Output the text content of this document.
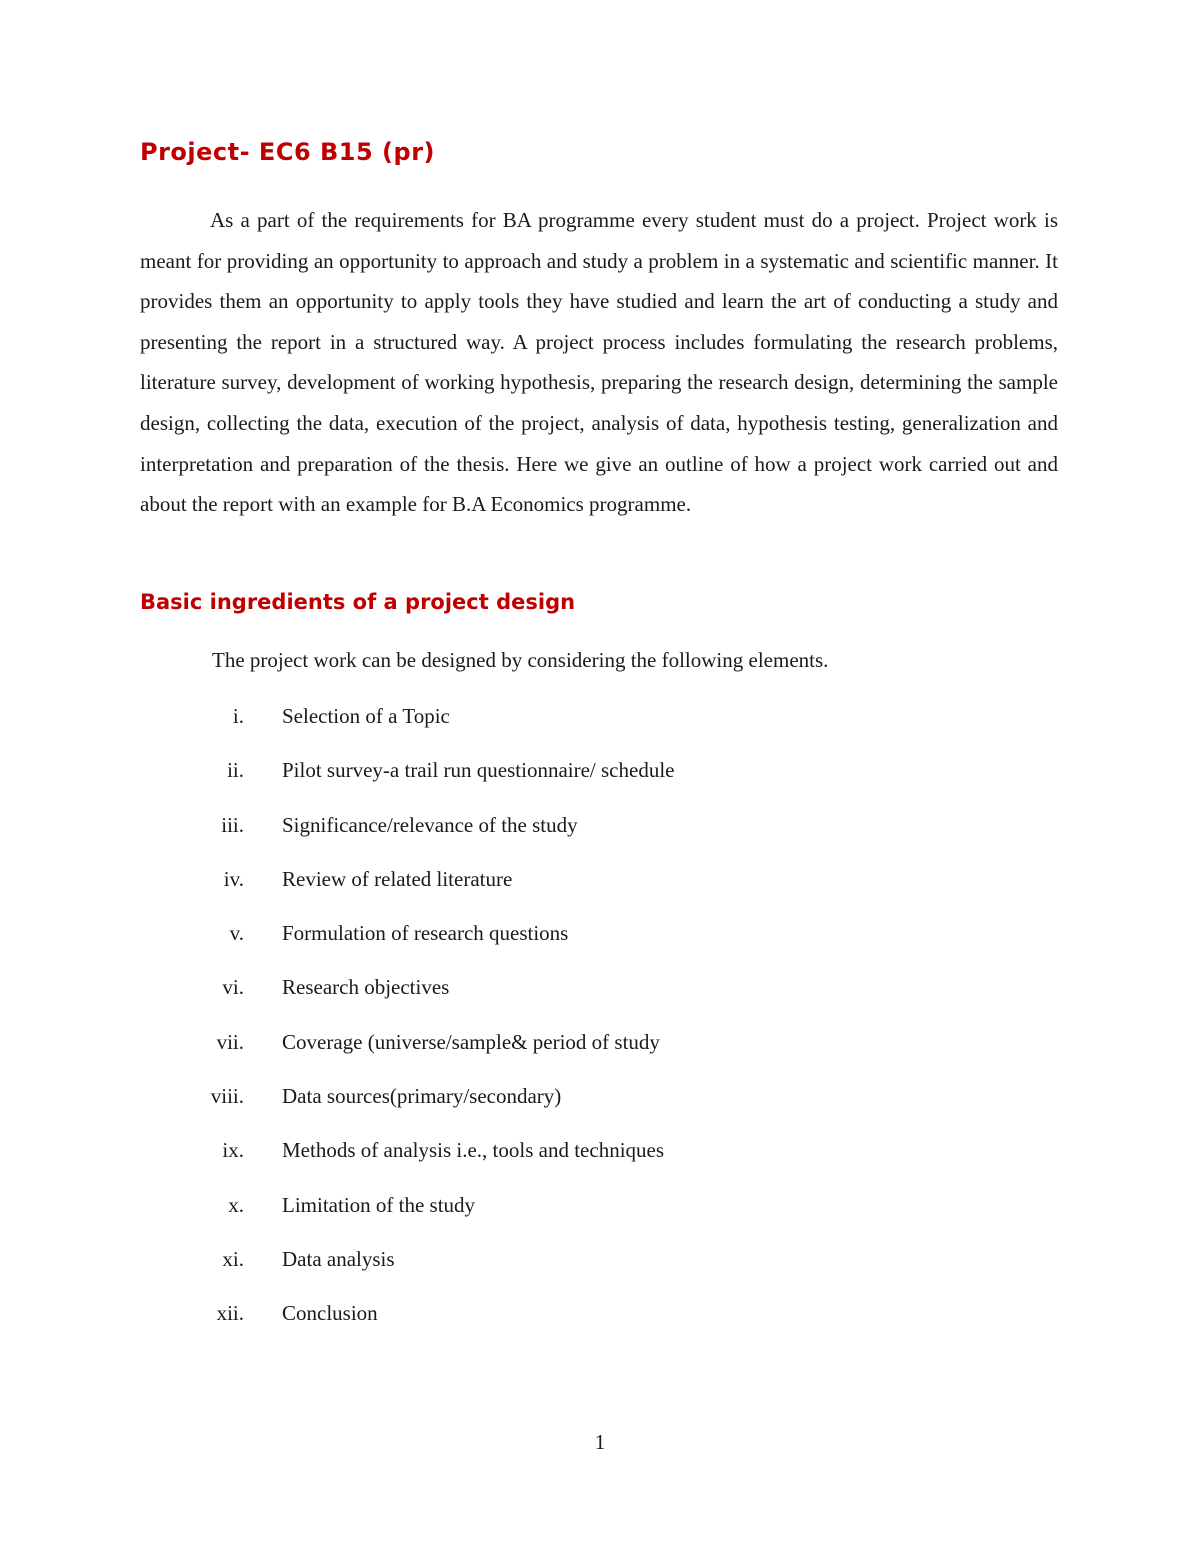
Project- EC6 B15 (pr)

As a part of the requirements for BA programme every student must do a project. Project work is meant for providing an opportunity to approach and study a problem in a systematic and scientific manner. It provides them an opportunity to apply tools they have studied and learn the art of conducting a study and presenting the report in a structured way. A project process includes formulating the research problems, literature survey, development of working hypothesis, preparing the research design, determining the sample design, collecting the data, execution of the project, analysis of data, hypothesis testing, generalization and interpretation and preparation of the thesis. Here we give an outline of how a project work carried out and about the report with an example for B.A Economics programme.

Basic ingredients of a project design

The project work can be designed by considering the following elements.

i.	Selection of a Topic
ii.	Pilot survey-a trail run questionnaire/ schedule
iii.	Significance/relevance of the study
iv.	Review of related literature
v.	Formulation of research questions
vi.	Research objectives
vii.	Coverage (universe/sample& period of study
viii.	Data sources(primary/secondary)
ix.	Methods of analysis i.e., tools and techniques
x.	Limitation of the study
xi.	Data analysis
xii.	Conclusion

1
